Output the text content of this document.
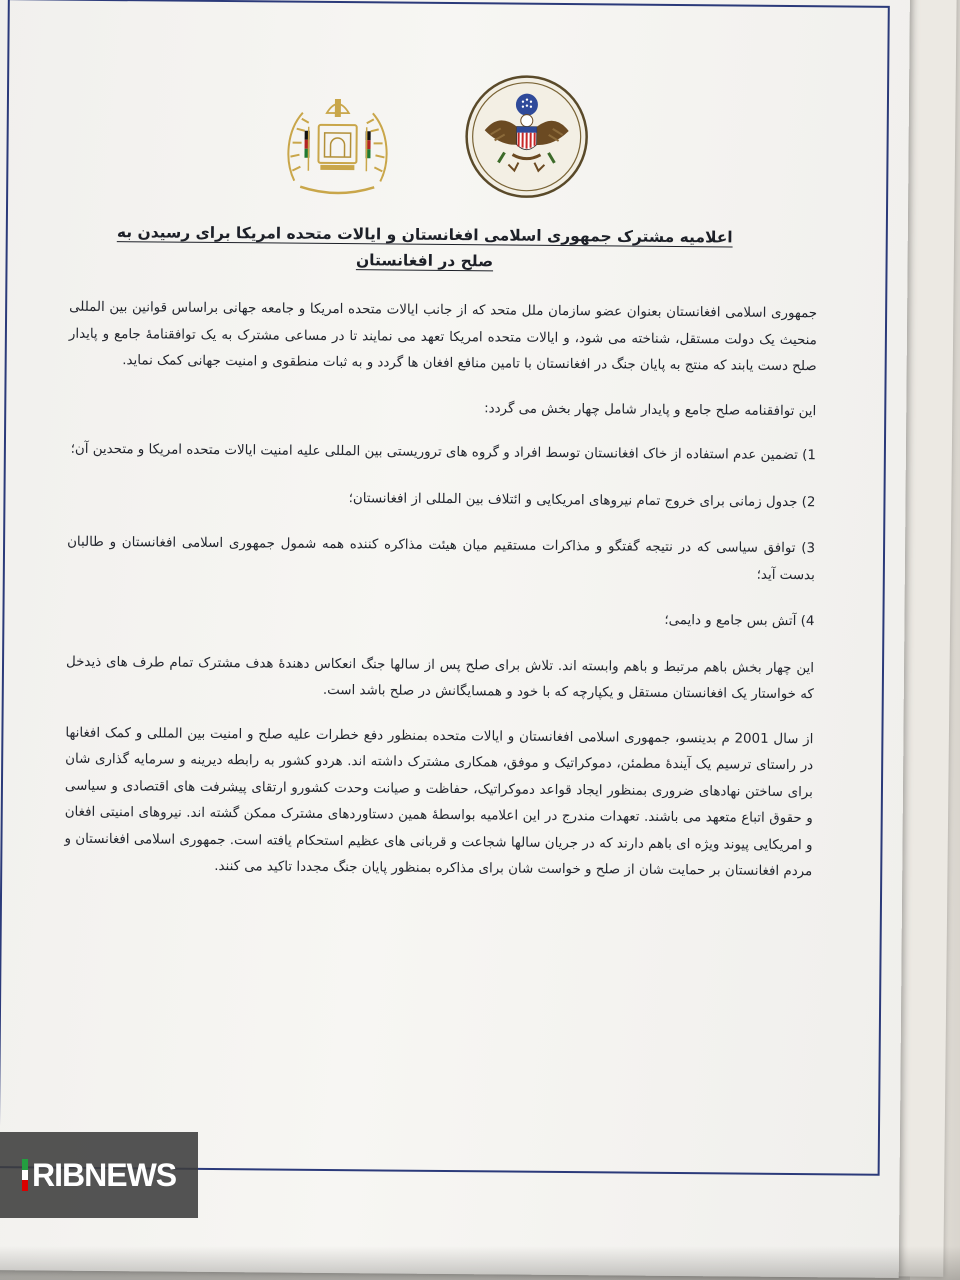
اعلامیه مشترک جمهوری اسلامی افغانستان و ایالات متحده امریکا برای رسیدن به صلح در افغانستان

جمهوری اسلامی افغانستان بعنوان عضو سازمان ملل متحد که از جانب ایالات متحده امریکا و جامعه جهانی براساس قوانین بین المللی منحیث یک دولت مستقل، شناخته می شود، و ایالات متحده امریکا تعهد می نمایند تا در مساعی مشترک به یک توافقنامهٔ جامع و پایدار صلح دست یابند که منتج به پایان جنگ در افغانستان با تامین منافع افغان ها گردد و به ثبات منطقوی و امنیت جهانی کمک نماید.

این توافقنامه صلح جامع و پایدار شامل چهار بخش می گردد:

1) تضمین عدم استفاده از خاک افغانستان توسط افراد و گروه های تروریستی بین المللی علیه امنیت ایالات متحده امریکا و متحدین آن؛

2) جدول زمانی برای خروج تمام نیروهای امریکایی و ائتلاف بین المللی از افغانستان؛

3) توافق سیاسی که در نتیجه گفتگو و مذاکرات مستقیم میان هیئت مذاکره کننده همه شمول جمهوری اسلامی افغانستان و طالبان بدست آید؛

4) آتش بس جامع و دایمی؛

این چهار بخش باهم مرتبط و باهم وابسته اند. تلاش برای صلح پس از سالها جنگ انعکاس دهندهٔ هدف مشترک تمام طرف های ذیدخل که خواستار یک افغانستان مستقل و یکپارچه که با خود و همسایگانش در صلح باشد است.

از سال 2001 م بدینسو، جمهوری اسلامی افغانستان و ایالات متحده بمنظور دفع خطرات علیه صلح و امنیت بین المللی و کمک افغانها در راستای ترسیم یک آیندهٔ مطمئن، دموکراتیک و موفق، همکاری مشترک داشته اند. هردو کشور به رابطه دیرینه و سرمایه گذاری شان برای ساختن نهادهای ضروری بمنظور ایجاد قواعد دموکراتیک، حفاظت و صیانت وحدت کشورو ارتقای پیشرفت های اقتصادی و سیاسی و حقوق اتباع متعهد می باشند. تعهدات مندرج در این اعلامیه بواسطهٔ همین دستاوردهای مشترک ممکن گشته اند. نیروهای امنیتی افغان و امریکایی پیوند ویژه ای باهم دارند که در جریان سالها شجاعت و قربانی های عظیم استحکام یافته است. جمهوری اسلامی افغانستان و مردم افغانستان بر حمایت شان از صلح و خواست شان برای مذاکره بمنظور پایان جنگ مجددا تاکید می کنند.

RIBNEWS
